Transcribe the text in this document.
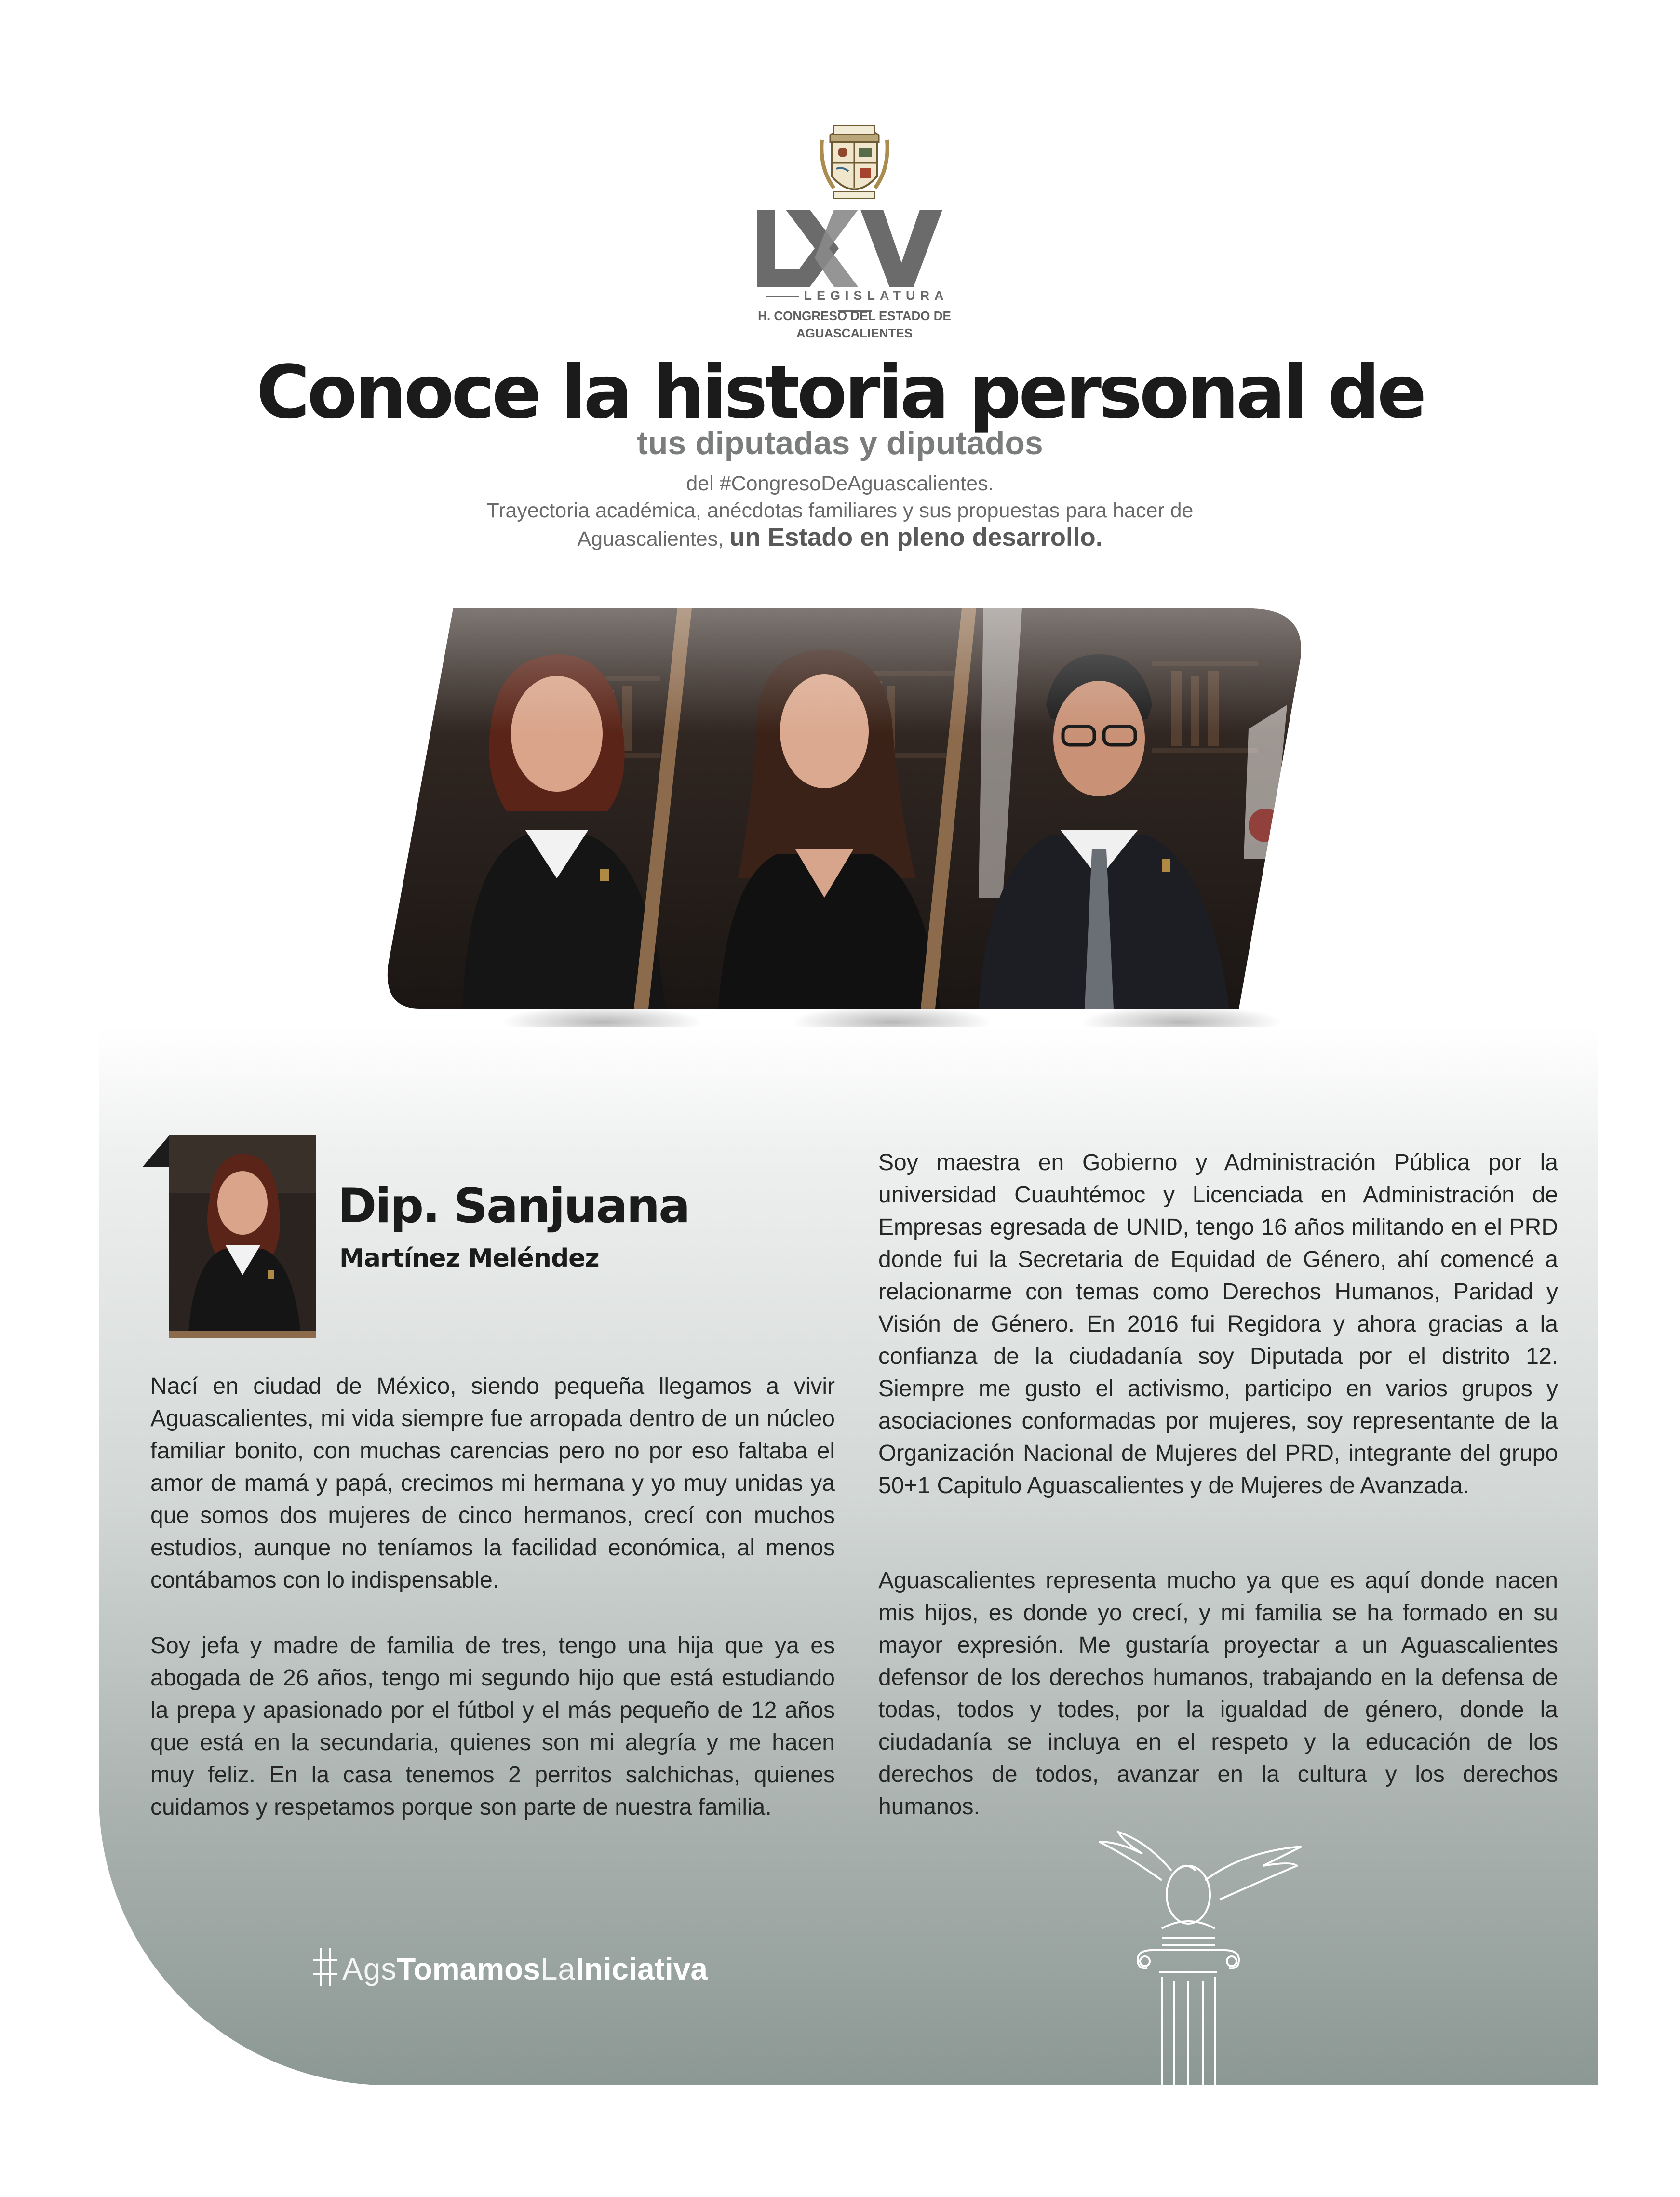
LEGISLATURA
H. CONGRESO DEL ESTADO DE
AGUASCALIENTES
Conoce la historia personal de
tus diputadas y diputados
del #CongresoDeAguascalientes.
Trayectoria académica, anécdotas familiares y sus propuestas para hacer de
Aguascalientes, un Estado en pleno desarrollo.
Dip. Sanjuana
Martínez Meléndez

Nací en ciudad de México, siendo pequeña llegamos a vivir Aguascalientes, mi vida siempre fue arropada dentro de un núcleo familiar bonito, con muchas carencias pero no por eso faltaba el amor de mamá y papá, crecimos mi hermana y yo muy unidas ya que somos dos mujeres de cinco hermanos, crecí con muchos estudios, aunque no teníamos la facilidad económica, al menos contábamos con lo indispensable.

Soy jefa y madre de familia de tres, tengo una hija que ya es abogada de 26 años, tengo mi segundo hijo que está estudiando la prepa y apasionado por el fútbol y el más pequeño de 12 años que está en la secundaria, quienes son mi alegría y me hacen muy feliz. En la casa tenemos 2 perritos salchichas, quienes cuidamos y respetamos porque son parte de nuestra familia.

Soy maestra en Gobierno y Administración Pública por la universidad Cuauhtémoc y Licenciada en Administración de Empresas egresada de UNID, tengo 16 años militando en el PRD donde fui la Secretaria de Equidad de Género, ahí comencé a relacionarme con temas como Derechos Humanos, Paridad y Visión de Género. En 2016 fui Regidora y ahora gracias a la confianza de la ciudadanía soy Diputada por el distrito 12. Siempre me gusto el activismo, participo en varios grupos y asociaciones conformadas por mujeres, soy representante de la Organización Nacional de Mujeres del PRD, integrante del grupo 50+1 Capitulo Aguascalientes y de Mujeres de Avanzada.

Aguascalientes representa mucho ya que es aquí donde nacen mis hijos, es donde yo crecí, y mi familia se ha formado en su mayor expresión. Me gustaría proyectar a un Aguascalientes defensor de los derechos humanos, trabajando en la defensa de todas, todos y todes, por la igualdad de género, donde la ciudadanía se incluya en el respeto y la educación de los derechos de todos, avanzar en la cultura y los derechos humanos.

AgsTomamosLaIniciativa
